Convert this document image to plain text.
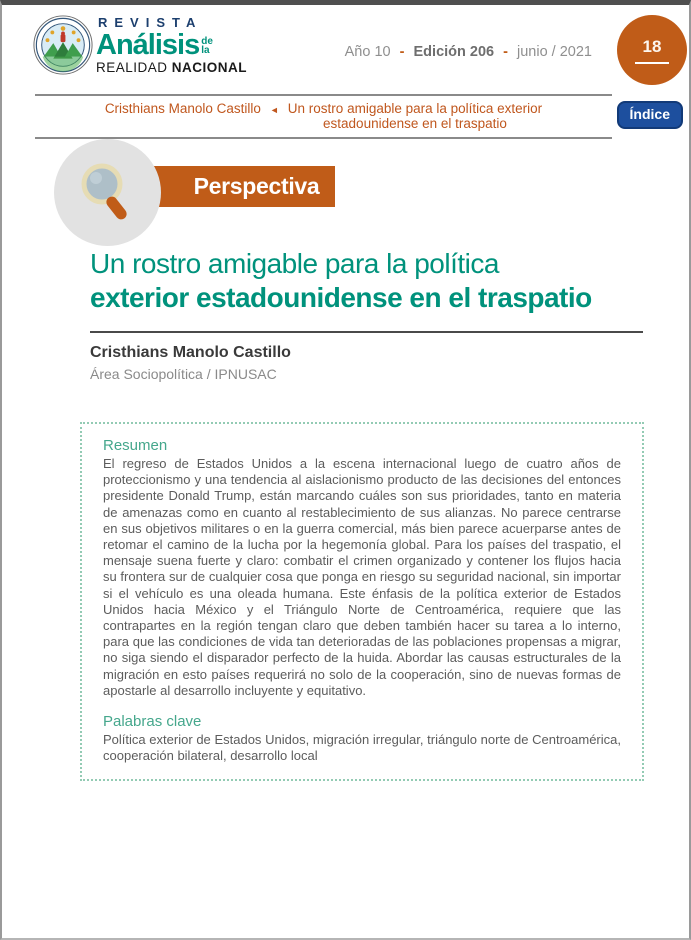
REVISTA
Análisis de
la
REALIDAD NACIONAL
Año 10 - Edición 206 - junio / 2021	18
Índice
Cristhians Manolo Castillo ◄ Un rostro amigable para la política exterior
estadounidense en el traspatio
Perspectiva
Un rostro amigable para la política
exterior estadounidense en el traspatio
Cristhians Manolo Castillo
Área Sociopolítica / IPNUSAC
Resumen

El regreso de Estados Unidos a la escena internacional luego de cuatro años de proteccionismo y una tendencia al aislacionismo producto de las decisiones del entonces presidente Donald Trump, están marcando cuáles son sus prioridades, tanto en materia de amenazas como en cuanto al restablecimiento de sus alianzas. No parece centrarse en sus objetivos militares o en la guerra comercial, más bien parece acuerparse antes de retomar el camino de la lucha por la hegemonía global. Para los países del traspatio, el mensaje suena fuerte y claro: combatir el crimen organizado y contener los flujos hacia su frontera sur de cualquier cosa que ponga en riesgo su seguridad nacional, sin importar si el vehículo es una oleada humana. Este énfasis de la política exterior de Estados Unidos hacia México y el Triángulo Norte de Centroamérica, requiere que las contrapartes en la región tengan claro que deben también hacer su tarea a lo interno, para que las condiciones de vida tan deterioradas de las poblaciones propensas a migrar, no siga siendo el disparador perfecto de la huida. Abordar las causas estructurales de la migración en esto países requerirá no solo de la cooperación, sino de nuevas formas de apostarle al desarrollo incluyente y equitativo.

Palabras clave

Política exterior de Estados Unidos, migración irregular, triángulo norte de Centroamérica, cooperación bilateral, desarrollo local
